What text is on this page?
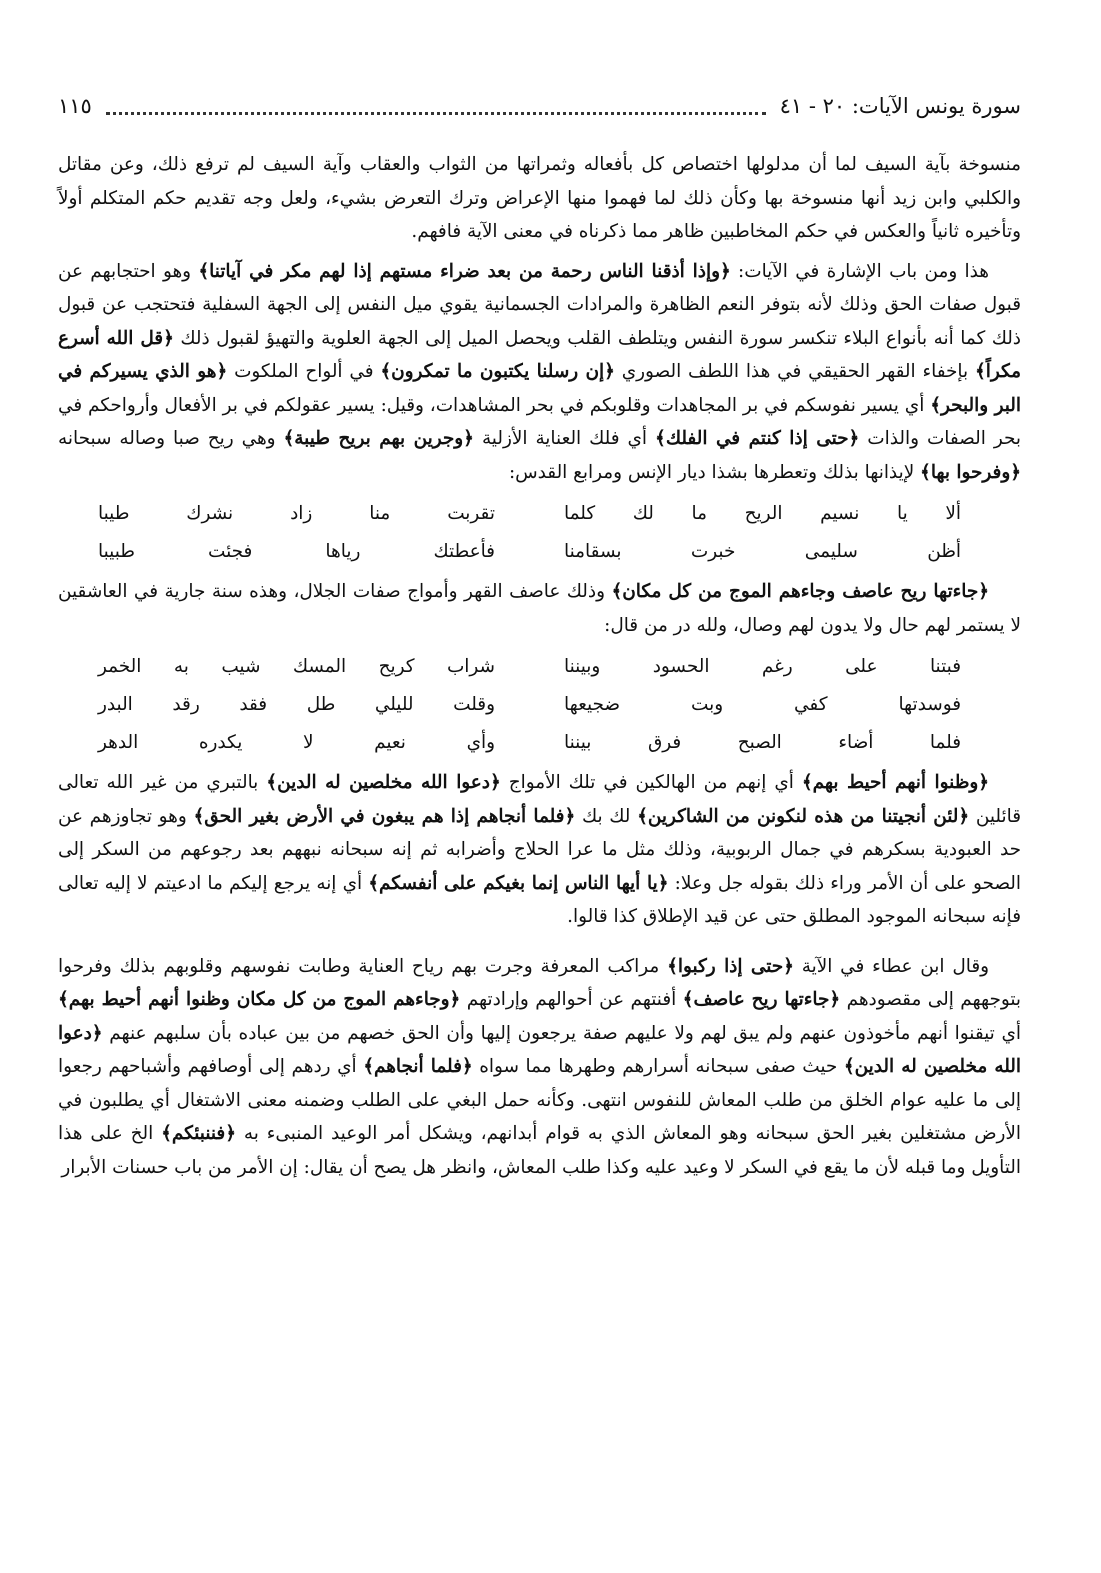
سورة يونس الآيات: ٢٠ - ٤١
١١٥

منسوخة بآية السيف لما أن مدلولها اختصاص كل بأفعاله وثمراتها من الثواب والعقاب وآية السيف لم ترفع ذلك، وعن مقاتل والكلبي وابن زيد أنها منسوخة بها وكأن ذلك لما فهموا منها الإعراض وترك التعرض بشيء، ولعل وجه تقديم حكم المتكلم أولاً وتأخيره ثانياً والعكس في حكم المخاطبين ظاهر مما ذكرناه في معنى الآية فافهم.

هذا ومن باب الإشارة في الآيات: ﴿وإذا أذقنا الناس رحمة من بعد ضراء مستهم إذا لهم مكر في آياتنا﴾ وهو احتجابهم عن قبول صفات الحق وذلك لأنه بتوفر النعم الظاهرة والمرادات الجسمانية يقوي ميل النفس إلى الجهة السفلية فتحتجب عن قبول ذلك كما أنه بأنواع البلاء تنكسر سورة النفس ويتلطف القلب ويحصل الميل إلى الجهة العلوية والتهيؤ لقبول ذلك ﴿قل الله أسرع مكراً﴾ بإخفاء القهر الحقيقي في هذا اللطف الصوري ﴿إن رسلنا يكتبون ما تمكرون﴾ في ألواح الملكوت ﴿هو الذي يسيركم في البر والبحر﴾ أي يسير نفوسكم في بر المجاهدات وقلوبكم في بحر المشاهدات، وقيل: يسير عقولكم في بر الأفعال وأرواحكم في بحر الصفات والذات ﴿حتى إذا كنتم في الفلك﴾ أي فلك العناية الأزلية ﴿وجرين بهم بريح طيبة﴾ وهي ريح صبا وصاله سبحانه ﴿وفرحوا بها﴾ لإيذانها بذلك وتعطرها بشذا ديار الإنس ومرابع القدس:

ألا يا نسيم الريح ما لك كلما
تقربت منا زاد نشرك طيبا
أظن سليمى خبرت بسقامنا
فأعطتك رياها فجئت طبيبا

﴿جاءتها ريح عاصف وجاءهم الموج من كل مكان﴾ وذلك عاصف القهر وأمواج صفات الجلال، وهذه سنة جارية في العاشقين لا يستمر لهم حال ولا يدون لهم وصال، ولله در من قال:

فبتنا على رغم الحسود وبيننا
شراب كريح المسك شيب به الخمر
فوسدتها كفي وبت ضجيعها
وقلت لليلي طل فقد رقد البدر
فلما أضاء الصبح فرق بيننا
وأي نعيم لا يكدره الدهر

﴿وظنوا أنهم أحيط بهم﴾ أي إنهم من الهالكين في تلك الأمواج ﴿دعوا الله مخلصين له الدين﴾ بالتبري من غير الله تعالى قائلين ﴿لئن أنجيتنا من هذه لنكونن من الشاكرين﴾ لك بك ﴿فلما أنجاهم إذا هم يبغون في الأرض بغير الحق﴾ وهو تجاوزهم عن حد العبودية بسكرهم في جمال الربوبية، وذلك مثل ما عرا الحلاج وأضرابه ثم إنه سبحانه نبههم بعد رجوعهم من السكر إلى الصحو على أن الأمر وراء ذلك بقوله جل وعلا: ﴿يا أيها الناس إنما بغيكم على أنفسكم﴾ أي إنه يرجع إليكم ما ادعيتم لا إليه تعالى فإنه سبحانه الموجود المطلق حتى عن قيد الإطلاق كذا قالوا.

وقال ابن عطاء في الآية ﴿حتى إذا ركبوا﴾ مراكب المعرفة وجرت بهم رياح العناية وطابت نفوسهم وقلوبهم بذلك وفرحوا بتوجههم إلى مقصودهم ﴿جاءتها ريح عاصف﴾ أفنتهم عن أحوالهم وإرادتهم ﴿وجاءهم الموج من كل مكان وظنوا أنهم أحيط بهم﴾ أي تيقنوا أنهم مأخوذون عنهم ولم يبق لهم ولا عليهم صفة يرجعون إليها وأن الحق خصهم من بين عباده بأن سلبهم عنهم ﴿دعوا الله مخلصين له الدين﴾ حيث صفى سبحانه أسرارهم وطهرها مما سواه ﴿فلما أنجاهم﴾ أي ردهم إلى أوصافهم وأشباحهم رجعوا إلى ما عليه عوام الخلق من طلب المعاش للنفوس انتهى. وكأنه حمل البغي على الطلب وضمنه معنى الاشتغال أي يطلبون في الأرض مشتغلين بغير الحق سبحانه وهو المعاش الذي به قوام أبدانهم، ويشكل أمر الوعيد المنبىء به ﴿فننبئكم﴾ الخ على هذا التأويل وما قبله لأن ما يقع في السكر لا وعيد عليه وكذا طلب المعاش، وانظر هل يصح أن يقال: إن الأمر من باب حسنات الأبرار
